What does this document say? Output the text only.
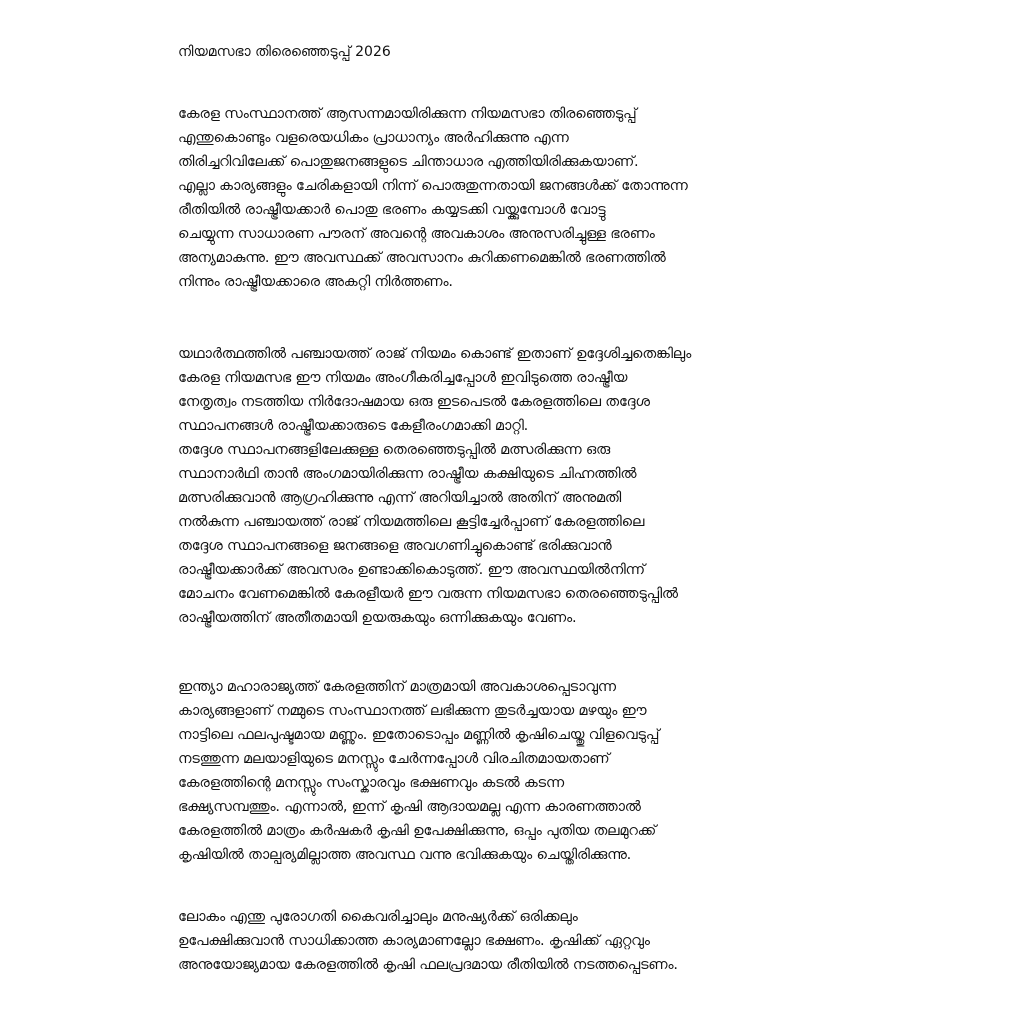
നിയമസഭാ തിരെഞ്ഞെടുപ്പ് 2026
കേരള സംസ്ഥാനത്ത് ആസന്നമായിരിക്കുന്ന നിയമസഭാ തിരഞ്ഞെടുപ്പ്
എന്തുകൊണ്ടും വളരെയധികം പ്രാധാന്യം അർഹിക്കുന്നു എന്ന
തിരിച്ചറിവിലേക്ക് പൊതുജനങ്ങളുടെ ചിന്താധാര എത്തിയിരിക്കുകയാണ്.
എല്ലാ കാര്യങ്ങളും ചേരികളായി നിന്ന് പൊരുതുന്നതായി ജനങ്ങൾക്ക് തോന്നുന്ന
രീതിയിൽ രാഷ്ട്രീയക്കാർ പൊതു ഭരണം കയ്യടക്കി വയ്ക്കുമ്പോൾ വോട്ടു
ചെയ്യുന്ന സാധാരണ പൗരന് അവന്റെ അവകാശം അനുസരിച്ചുള്ള ഭരണം
അന്യമാകുന്നു. ഈ അവസ്ഥക്ക് അവസാനം കുറിക്കണമെങ്കിൽ ഭരണത്തിൽ
നിന്നും രാഷ്ട്രീയക്കാരെ അകറ്റി നിർത്തണം.
യഥാർത്ഥത്തിൽ പഞ്ചായത്ത് രാജ് നിയമം കൊണ്ട് ഇതാണ് ഉദ്ദേശിച്ചതെങ്കിലും
കേരള നിയമസഭ ഈ നിയമം അംഗീകരിച്ചപ്പോൾ ഇവിടുത്തെ രാഷ്ട്രീയ
നേതൃത്വം നടത്തിയ നിർദോഷമായ ഒരു ഇടപെടൽ കേരളത്തിലെ തദ്ദേശ
സ്ഥാപനങ്ങൾ രാഷ്ട്രീയക്കാരുടെ കേളീരംഗമാക്കി മാറ്റി.
തദ്ദേശ സ്ഥാപനങ്ങളിലേക്കുള്ള തെരഞ്ഞെടുപ്പിൽ മത്സരിക്കുന്ന ഒരു
സ്ഥാനാർഥി താൻ അംഗമായിരിക്കുന്ന രാഷ്ട്രീയ കക്ഷിയുടെ ചിഹ്നത്തിൽ
മത്സരിക്കുവാൻ ആഗ്രഹിക്കുന്നു എന്ന് അറിയിച്ചാൽ അതിന് അനുമതി
നൽകുന്ന പഞ്ചായത്ത് രാജ് നിയമത്തിലെ കൂട്ടിച്ചേർപ്പാണ് കേരളത്തിലെ
തദ്ദേശ സ്ഥാപനങ്ങളെ ജനങ്ങളെ അവഗണിച്ചുകൊണ്ട് ഭരിക്കുവാൻ
രാഷ്ട്രീയക്കാർക്ക് അവസരം ഉണ്ടാക്കികൊടുത്ത്. ഈ അവസ്ഥയിൽനിന്ന്
മോചനം വേണമെങ്കിൽ കേരളീയർ ഈ വരുന്ന നിയമസഭാ തെരഞ്ഞെടുപ്പിൽ
രാഷ്ട്രീയത്തിന് അതീതമായി ഉയരുകയും ഒന്നിക്കുകയും വേണം.
ഇന്ത്യാ മഹാരാജ്യത്ത് കേരളത്തിന് മാത്രമായി അവകാശപ്പെടാവുന്ന
കാര്യങ്ങളാണ് നമ്മുടെ സംസ്ഥാനത്ത് ലഭിക്കുന്ന തുടർച്ചയായ മഴയും ഈ
നാട്ടിലെ ഫലപുഷ്ടമായ മണ്ണും. ഇതോടൊപ്പം മണ്ണിൽ കൃഷിചെയ്തു വിളവെടുപ്പ്
നടത്തുന്ന മലയാളിയുടെ മനസ്സും ചേർന്നപ്പോൾ വിരചിതമായതാണ്
കേരളത്തിന്റെ മനസ്സും സംസ്കാരവും ഭക്ഷണവും കടൽ കടന്ന
ഭക്ഷ്യസമ്പത്തും. എന്നാൽ, ഇന്ന് കൃഷി ആദായമല്ല എന്ന കാരണത്താൽ
കേരളത്തിൽ മാത്രം കർഷകർ കൃഷി ഉപേക്ഷിക്കുന്നു, ഒപ്പം പുതിയ തലമുറക്ക്
കൃഷിയിൽ താല്പര്യമില്ലാത്ത അവസ്ഥ വന്നു ഭവിക്കുകയും ചെയ്തിരിക്കുന്നു.
ലോകം എന്തു പുരോഗതി കൈവരിച്ചാലും മനുഷ്യർക്ക് ഒരിക്കലും
ഉപേക്ഷിക്കുവാൻ സാധിക്കാത്ത കാര്യമാണല്ലോ ഭക്ഷണം. കൃഷിക്ക് ഏറ്റവും
അനുയോജ്യമായ കേരളത്തിൽ കൃഷി ഫലപ്രദമായ രീതിയിൽ നടത്തപ്പെടണം.
